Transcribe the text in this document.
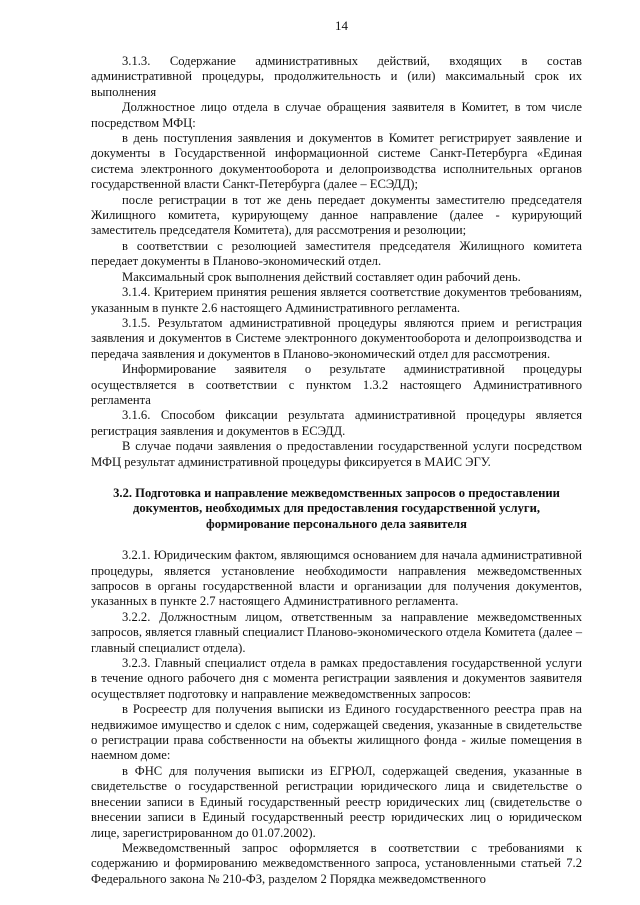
14

3.1.3. Содержание административных действий, входящих в состав административной процедуры, продолжительность и (или) максимальный срок их выполнения

Должностное лицо отдела в случае обращения заявителя в Комитет, в том числе посредством МФЦ:

в день поступления заявления и документов в Комитет регистрирует заявление и документы в Государственной информационной системе Санкт-Петербурга «Единая система электронного документооборота и делопроизводства исполнительных органов государственной власти Санкт-Петербурга (далее – ЕСЭДД);

после регистрации в тот же день передает документы заместителю председателя Жилищного комитета, курирующему данное направление (далее - курирующий заместитель председателя Комитета), для рассмотрения и резолюции;

в соответствии с резолюцией заместителя председателя Жилищного комитета передает документы в Планово-экономический отдел.

Максимальный срок выполнения действий составляет один рабочий день.

3.1.4. Критерием принятия решения является соответствие документов требованиям, указанным в пункте 2.6 настоящего Административного регламента.

3.1.5. Результатом административной процедуры являются прием и регистрация заявления и документов в Системе электронного документооборота и делопроизводства и передача заявления и документов в Планово-экономический отдел для рассмотрения.

Информирование заявителя о результате административной процедуры осуществляется в соответствии с пунктом 1.3.2 настоящего Административного регламента

3.1.6. Способом фиксации результата административной процедуры является регистрация заявления и документов в ЕСЭДД.

В случае подачи заявления о предоставлении государственной услуги посредством МФЦ результат административной процедуры фиксируется в МАИС ЭГУ.

3.2. Подготовка и направление межведомственных запросов о предоставлении документов, необходимых для предоставления государственной услуги, формирование персонального дела заявителя

3.2.1. Юридическим фактом, являющимся основанием для начала административной процедуры, является установление необходимости направления межведомственных запросов в органы государственной власти и организации для получения документов, указанных в пункте 2.7 настоящего Административного регламента.

3.2.2. Должностным лицом, ответственным за направление межведомственных запросов, является главный специалист Планово-экономического отдела Комитета (далее – главный специалист отдела).

3.2.3. Главный специалист отдела в рамках предоставления государственной услуги в течение одного рабочего дня с момента регистрации заявления и документов заявителя осуществляет подготовку и направление межведомственных запросов:

в Росреестр для получения выписки из Единого государственного реестра прав на недвижимое имущество и сделок с ним, содержащей сведения, указанные в свидетельстве о регистрации права собственности на объекты жилищного фонда - жилые помещения в наемном доме:

в ФНС для получения выписки из ЕГРЮЛ, содержащей сведения, указанные в свидетельстве о государственной регистрации юридического лица и свидетельстве о внесении записи в Единый государственный реестр юридических лиц (свидетельстве о внесении записи в Единый государственный реестр юридических лиц о юридическом лице, зарегистрированном до 01.07.2002).

Межведомственный запрос оформляется в соответствии с требованиями к содержанию и формированию межведомственного запроса, установленными статьей 7.2 Федерального закона № 210-ФЗ, разделом 2 Порядка межведомственного
